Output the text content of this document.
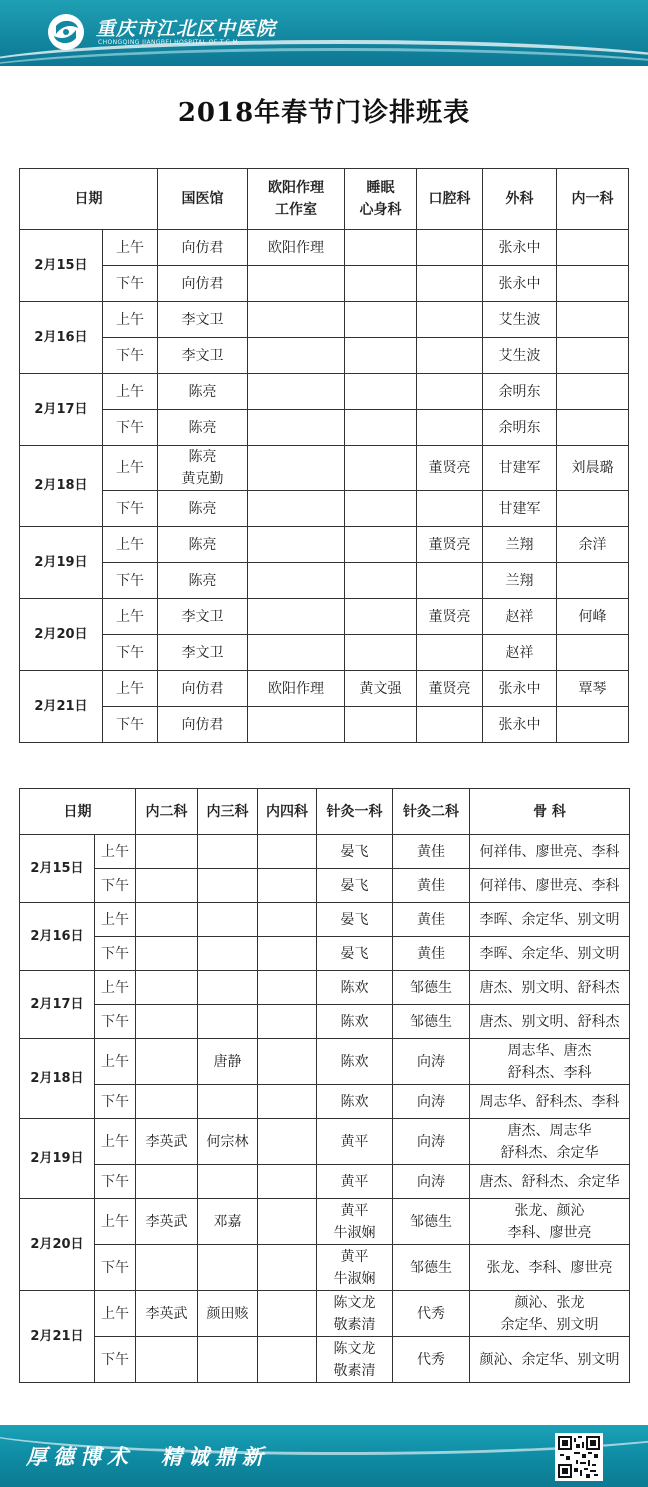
重庆市江北区中医院
CHONGQING JIANGBEI HOSPITAL OF T.C.M
2018年春节门诊排班表
日期		国医馆	欧阳作理
工作室	睡眠
心身科	口腔科	外科	内一科
2月15日	上午	向仿君	欧阳作理			张永中	
	下午	向仿君				张永中	
2月16日	上午	李文卫				艾生波	
	下午	李文卫				艾生波	
2月17日	上午	陈亮				余明东	
	下午	陈亮				余明东	
2月18日	上午	陈亮
黄克勤			董贤亮	甘建军	刘晨璐
	下午	陈亮				甘建军	
2月19日	上午	陈亮			董贤亮	兰翔	余洋
	下午	陈亮				兰翔	
2月20日	上午	李文卫			董贤亮	赵祥	何峰
	下午	李文卫				赵祥	
2月21日	上午	向仿君	欧阳作理	黄文强	董贤亮	张永中	覃琴
	下午	向仿君				张永中	
日期		内二科	内三科	内四科	针灸一科	针灸二科	骨 科
2月15日	上午				晏飞	黄佳	何祥伟、廖世亮、李科
	下午				晏飞	黄佳	何祥伟、廖世亮、李科
2月16日	上午				晏飞	黄佳	李晖、余定华、别文明
	下午				晏飞	黄佳	李晖、余定华、别文明
2月17日	上午				陈欢	邹德生	唐杰、别文明、舒科杰
	下午				陈欢	邹德生	唐杰、别文明、舒科杰
2月18日	上午		唐静		陈欢	向涛	周志华、唐杰
舒科杰、李科
	下午				陈欢	向涛	周志华、舒科杰、李科
2月19日	上午	李英武	何宗林		黄平	向涛	唐杰、周志华
舒科杰、余定华
	下午				黄平	向涛	唐杰、舒科杰、余定华
2月20日	上午	李英武	邓嘉		黄平
牛淑娴	邹德生	张龙、颜沁
李科、廖世亮
	下午				黄平
牛淑娴	邹德生	张龙、李科、廖世亮
2月21日	上午	李英武	颜田赅		陈文龙
敬素清	代秀	颜沁、张龙
余定华、别文明
	下午				陈文龙
敬素清	代秀	颜沁、余定华、别文明
厚德博术　精诚鼎新
